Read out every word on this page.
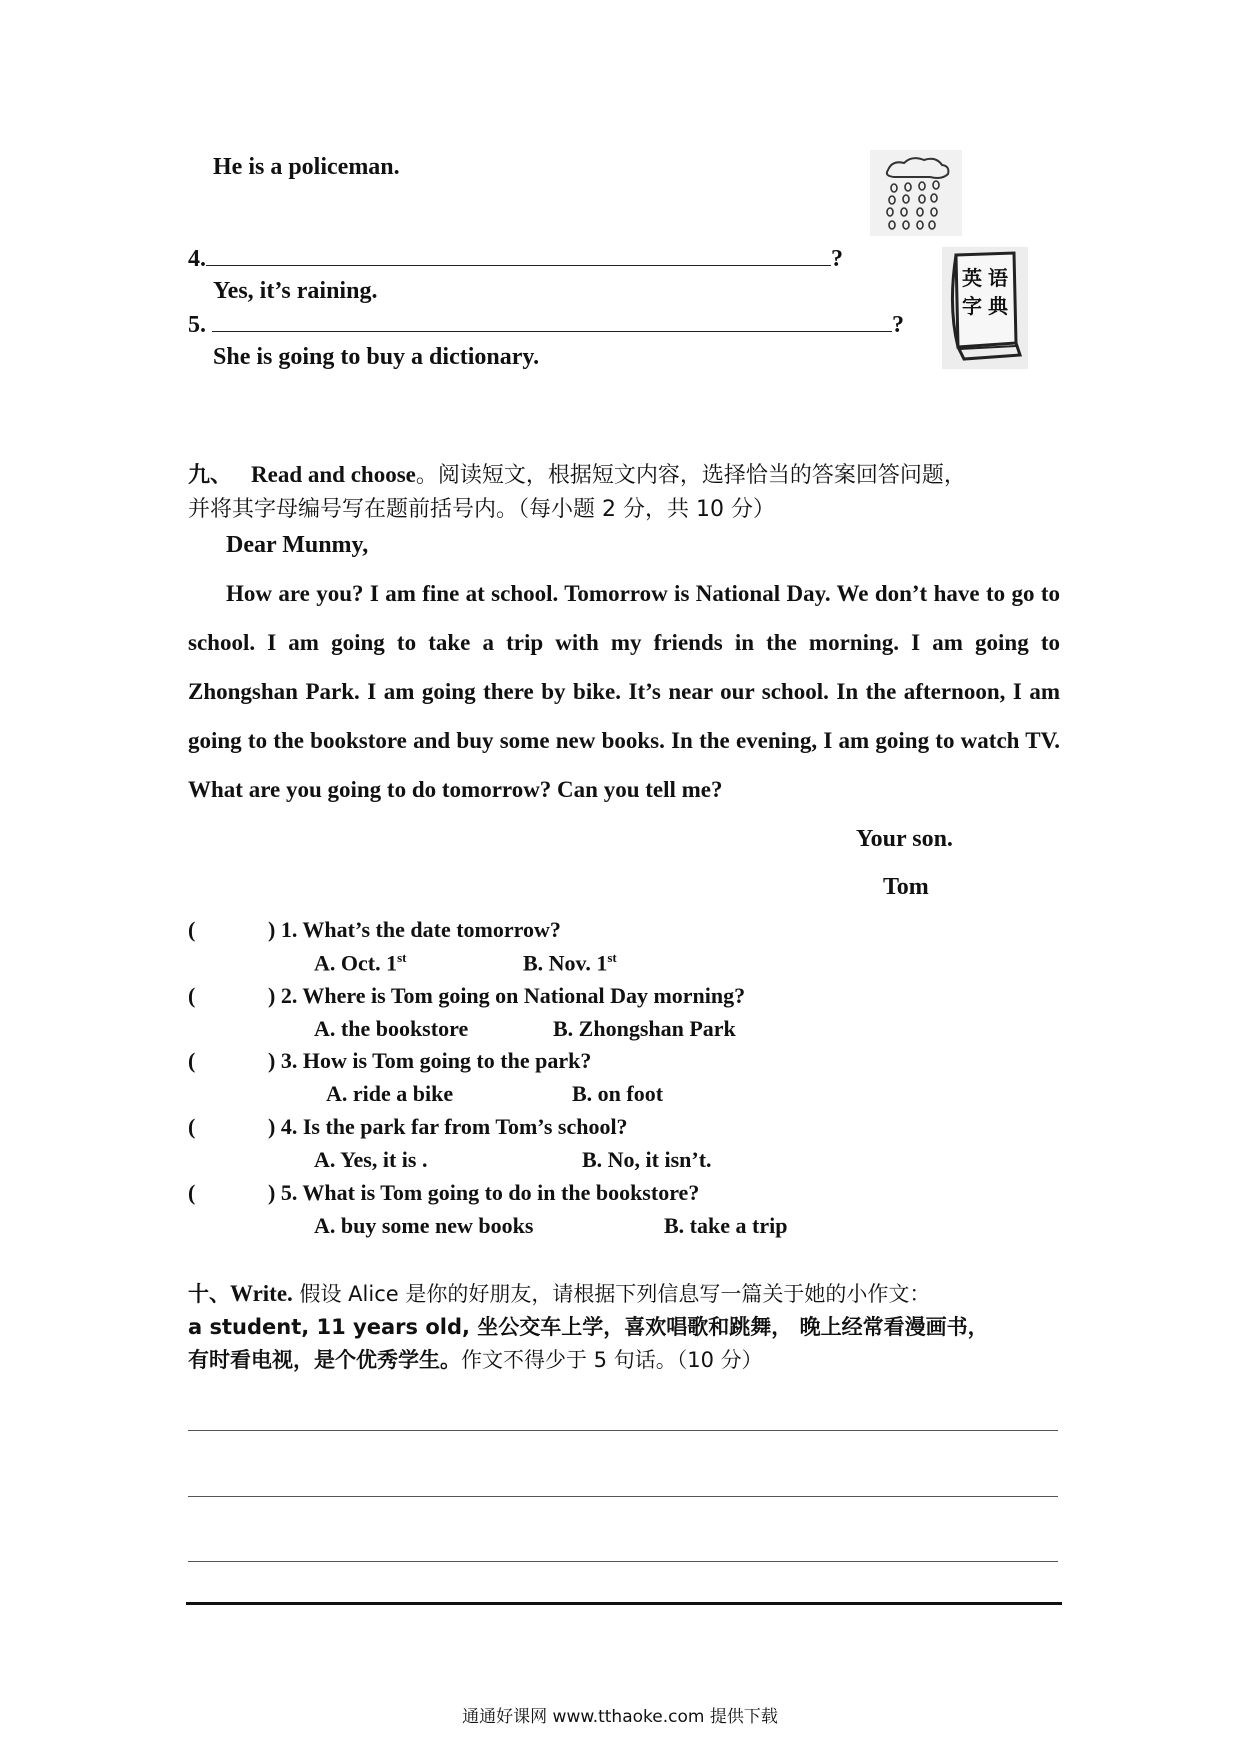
He is a policeman.
4.	?
Yes, it’s raining.	英 语
字 典
5.	?
She is going to buy a dictionary.
九、 Read and choose。阅读短文，根据短文内容，选择恰当的答案回答问题，
并将其字母编号写在题前括号内。（每小题 2 分，共 10 分）
Dear Munmy,
How are you? I am fine at school. Tomorrow is National Day. We don’t have to go to school. I am going to take a trip with my friends in the morning. I am going to Zhongshan Park. I am going there by bike. It’s near our school. In the afternoon, I am going to the bookstore and buy some new books. In the evening, I am going to watch TV. What are you going to do tomorrow? Can you tell me?
Your son.
Tom
(	) 1. What’s the date tomorrow?
A. Oct. 1st	B. Nov. 1st
(	) 2. Where is Tom going on National Day morning?
A. the bookstore	B. Zhongshan Park
(	) 3. How is Tom going to the park?
A. ride a bike	B. on foot
(	) 4. Is the park far from Tom’s school?
A. Yes, it is .	B. No, it isn’t.
(	) 5. What is Tom going to do in the bookstore?
A. buy some new books	B. take a trip
十、Write. 假设 Alice 是你的好朋友，请根据下列信息写一篇关于她的小作文：
a student, 11 years old, 坐公交车上学，喜欢唱歌和跳舞， 晚上经常看漫画书，
有时看电视，是个优秀学生。作文不得少于 5 句话。（10 分）
通通好课网 www.tthaoke.com 提供下载
